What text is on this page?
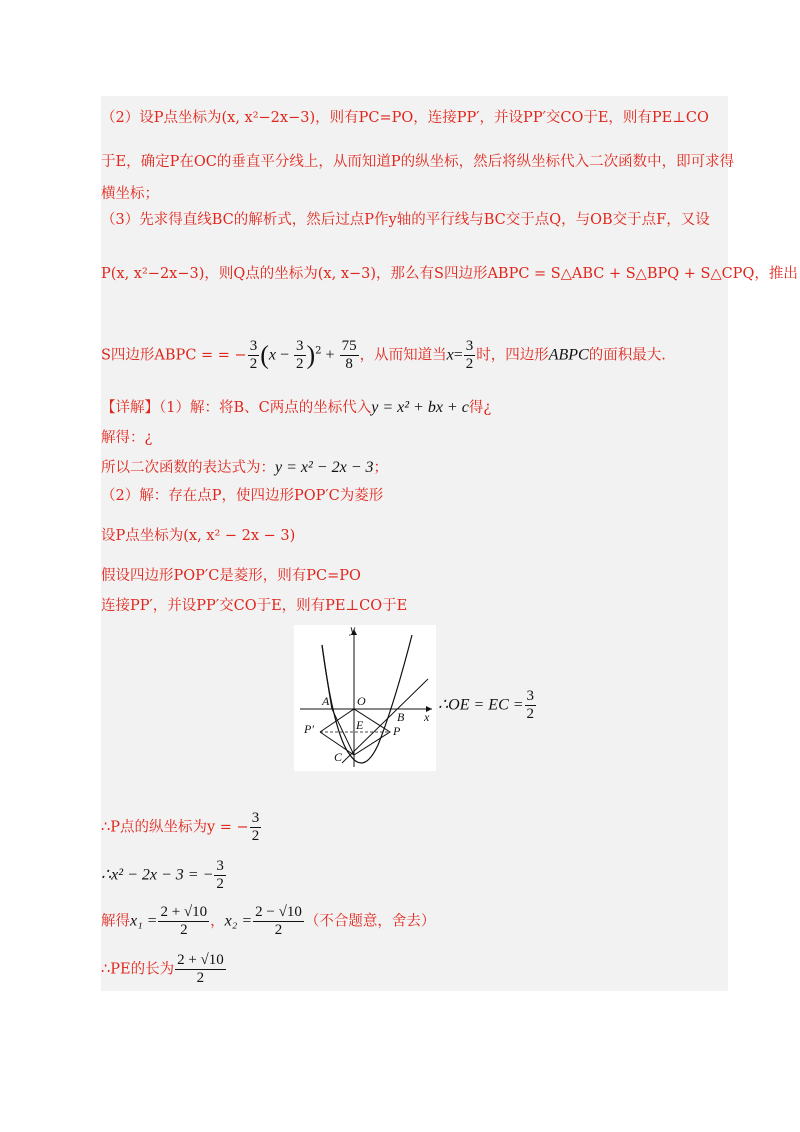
（2）设P点坐标为(x, x²−2x−3)，则有PC=PO，连接PP′，并设PP′交CO于E，则有PE⊥CO
于E，确定P在OC的垂直平分线上，从而知道P的纵坐标，然后将纵坐标代入二次函数中，即可求得
横坐标；
（3）先求得直线BC的解析式，然后过点P作y轴的平行线与BC交于点Q，与OB交于点F，又设
P(x, x²−2x−3)，则Q点的坐标为(x, x−3)，那么有S四边形ABPC = S△ABC + S△BPQ + S△CPQ，推出
S四边形ABPC = = − $\frac{3}{2} (x - \frac{3}{2} )^2 + \frac{75}{8}$ ，从而知道当$x= \frac{3}{2}$ 时，四边形ABPC的面积最大.
【详解】（1）解：将B、C两点的坐标代入y = x² + bx + c得¿
解得：¿
所以二次函数的表达式为：y = x² − 2x − 3；
（2）解：存在点P，使四边形POP′C为菱形
设P点坐标为(x, x² − 2x − 3)
假设四边形POP′C是菱形，则有PC=PO
连接PP′，并设PP′交CO于E，则有PE⊥CO于E
y
x
A O
B
P′	E P
C
∴OE = EC = $\frac{3}{2}$
∴P点的纵坐标为y = − $\frac{3}{2}$
∴x² − 2x − 3 = − $\frac{3}{2}$
解得$x_1 = \frac{2 + √10}{2}$ ，$x_2 = \frac{2 - √10}{2}$ （不合题意，舍去）
∴PE的长为 $\frac{2 + √10}{2}$
